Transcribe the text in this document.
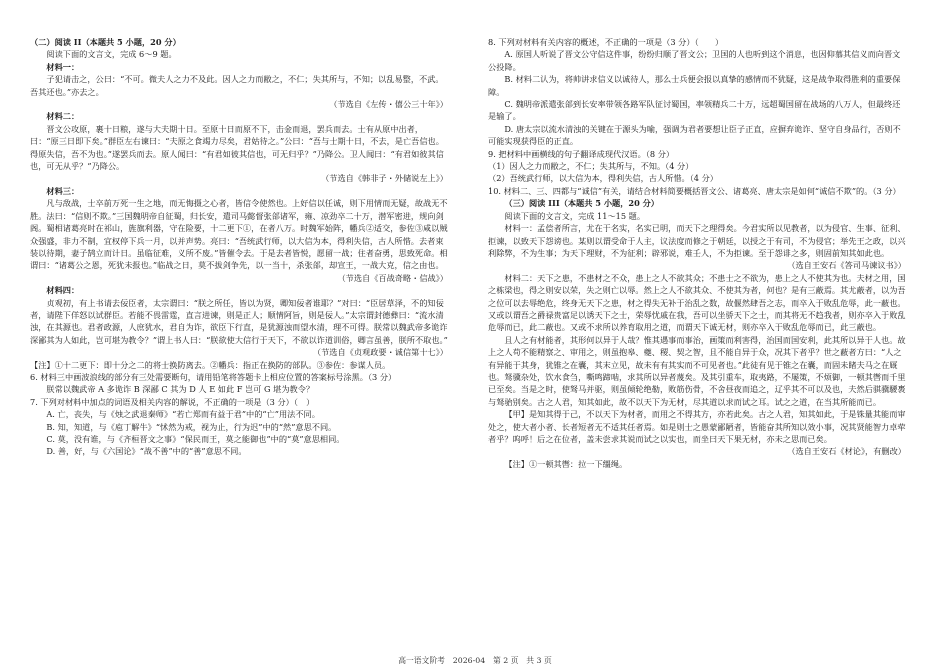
（二）阅读 II（本题共 5 小题，20 分）

阅读下面的文言文，完成 6～9 题。

材料一：

子犯请击之，公曰：“不可。微夫人之力不及此。因人之力而敝之，不仁；失其所与，不知；以乱易整，不武。吾其还也。”亦去之。

（节选自《左传・僖公三十年》）

材料二：

晋文公攻原，裹十日粮，遂与大夫期十日。至原十日而原不下，击金而退，罢兵而去。士有从原中出者，曰：“原三日即下矣。”群臣左右谏曰：“夫原之食竭力尽矣，君姑待之。”公曰：“吾与士期十日，不去，是亡吾信也。得原失信，吾不为也。”遂罢兵而去。原人闻曰：“有君如彼其信也，可无归乎？”乃降公。卫人闻曰：“有君如彼其信也，可无从乎？”乃降公。

（节选自《韩非子・外储说左上》）

材料三：

凡与敌战，士卒前万死一生之地，而无悔摄之心者，皆信令使然也。上好信以任诚，则下用情而无疑，故战无不胜。法曰：“信则不欺。”三国魏明帝自征蜀，归长安，遣司马懿督张郃诸军，雍、凉劲卒二十万，潜军密进，规向剑阁。蜀相诸葛亮时在祁山，旌旗利器，守在险要，十二更下①，在者八万。时魏军始阵，幡兵②适交，参佐③咸以贼众强盛，非力不制，宜权停下兵一月，以并声势。亮曰：“吾统武行师，以大信为本，得利失信，古人所惜。去者束装以待期，妻子鹄立而计日。虽临征难，义所不废。”皆催令去。于是去者皆悦，愿留一战；住者奋勇，思致死命。相谓曰：“诸葛公之恩，死犹未报也。”临战之日，莫不拔剑争先，以一当十，杀张郃，却宣王，一战大克，信之由也。

（节选自《百战奇略・信战》）

材料四：

贞观初，有上书请去佞臣者，太宗谓曰：“朕之所任，皆以为贤，卿知佞者谁耶？”对曰：“臣居草泽，不的知佞者，请陛下佯怒以试群臣。若能不畏雷霆，直言进谏，则是正人；顺情阿旨，则是佞人。”太宗谓封德彝曰：“流水清浊，在其源也。君者政源，人庶犹水，君自为诈，欲臣下行直，是犹源浊而望水清，理不可得。朕常以魏武帝多诡诈深鄙其为人如此，岂可堪为教令？”谓上书人曰：“朕欲使大信行于天下，不欲以诈道训俗，卿言虽善，朕所不取也。”

（节选自《贞观政要・诚信第十七》）

【注】①十二更下：即十分之二的将士换防离去。②幡兵：指正在换防的部队。③参佐：参谋人员。

6. 材料三中画波浪线的部分有三处需要断句，请用铅笔将答题卡上相应位置的答案标号涂黑。（3 分）

朕常以魏武帝 A 多诡诈 B 深鄙 C 其为 D 人 E 如此 F 岂可 G 堪为教令？

7. 下列对材料中加点的词语及相关内容的解说，不正确的一项是（3 分）（　）

A. 亡，丧失，与《烛之武退秦师》“若亡郑而有益于君”中的“亡”用法不同。

B. 知，知道，与《庖丁解牛》“怵然为戒，视为止，行为迟”中的“然”意思不同。

C. 莫，没有谁，与《齐桓晋文之事》“保民而王，莫之能御也”中的“莫”意思相同。

D. 善，好，与《六国论》“战不善”中的“善”意思不同。

8. 下列对材料有关内容的概述，不正确的一项是（3 分）（　　）

A. 原国人听说了晋文公守信这件事，纷纷归顺了晋文公；卫国的人也听到这个消息，也因仰慕其信义而向晋文公投降。

B. 材料二认为，将帅讲求信义以诚待人，那么士兵便会报以真挚的感情而不犹疑，这是战争取得胜利的重要保障。

C. 魏明帝派遣张郃到长安率带领各路军队征讨蜀国，率领精兵二十万，远超蜀国留在战场的八万人，但最终还是输了。

D. 唐太宗以流水清浊的关键在于源头为喻，强调为君者要想让臣子正直，应摒弃诡诈、坚守自身品行，否则不可能实现获得臣的正直。

9. 把材料中画横线的句子翻译成现代汉语。（8 分）

（1）因人之力而敝之，不仁；失其所与，不知。（4 分）

（2）吾统武行师，以大信为本，得利失信，古人所惜。（4 分）

10. 材料二、三、四都与“诚信”有关，请结合材料简要概括晋文公、诸葛亮、唐太宗是如何“诚信不欺”的。（3 分）

（三）阅读 III（本题共 5 小题，20 分）

阅读下面的文言文，完成 11～15 题。

材料一：孟偿者所言，尤在于名实，名实已明，而天下之理得矣。今君实所以见教者，以为侵官、生事、征利、拒谏，以致天下怨谤也。某则以谓受命于人主，议法度而修之于朝廷，以授之于有司，不为侵官；举先王之政，以兴利除弊，不为生事；为天下理财，不为征利；辟邪说，难壬人，不为拒谏。至于怨诽之多，则固前知其如此也。

（选自王安石《答司马谏议书》）

材料二：天下之患，不患材之不众，患上之人不欲其众；不患士之不欲为，患上之人不使其为也。夫材之用，国之栋梁也，得之则安以荣，失之则亡以辱。然上之人不欲其众、不使其为者，何也？是有三蔽焉。其尤蔽者，以为吾之位可以去辱绝危，终身无天下之患，材之得失无补于治乱之数，故偃然肆吾之志，而卒入于败乱危辱，此一蔽也。又或以谓吾之爵禄贵富足以诱天下之士，荣辱忧戚在我，吾可以坐骄天下之士，而其将无不趋我者，则亦卒入于败乱危辱而已，此二蔽也。又或不求所以养育取用之道，而谓天下诚无材，则亦卒入于败乱危辱而已，此三蔽也。

且人之有材能者，其形何以异于人哉？惟其遇事而事治，画策而利害得，治国而国安利，此其所以异于人也。故上之人苟不能精察之、审用之，则虽抱皋、夔、稷、契之智，且不能自异于众，况其下者乎？世之蔽者方曰：“人之有异能于其身，犹锥之在囊，其末立见，故未有有其实而不可见者也。”此徒有见于锥之在囊，而固未睹夫马之在厩也。驽骥杂处，饮水食刍，嘶鸣蹄啮，求其所以异者蔑矣。及其引重车，取夷路，不屡策，不烦御，一顿其辔而千里已至矣。当是之时，使驽马并驱，则虽倾轮绝勒，败筋伤骨，不舍昼夜而追之，辽乎其不可以及也，夫然后骐骥騕褭与驽骀别矣。古之人君，知其如此，故不以天下为无材，尽其道以求而试之耳。试之之道，在当其所能而已。

【甲】是知其得于己，不以天下为材者，而用之不得其方，亦若此矣。古之人君，知其如此，于是铢量其能而审处之，使大者小者、长者短者无不适其任者焉。如是则士之愚蒙鄙陋者，皆能奋其所知以效小事，况其贤能智力卓荦者乎？呜呼！后之在位者，盖未尝求其说而试之以实也，而坐曰天下果无材，亦未之思而已矣。

（选自王安石《材论》，有删改）

【注】①一顿其辔：拉一下缰绳。

高一语文阶考　2026-04　第 2 页　共 3 页
